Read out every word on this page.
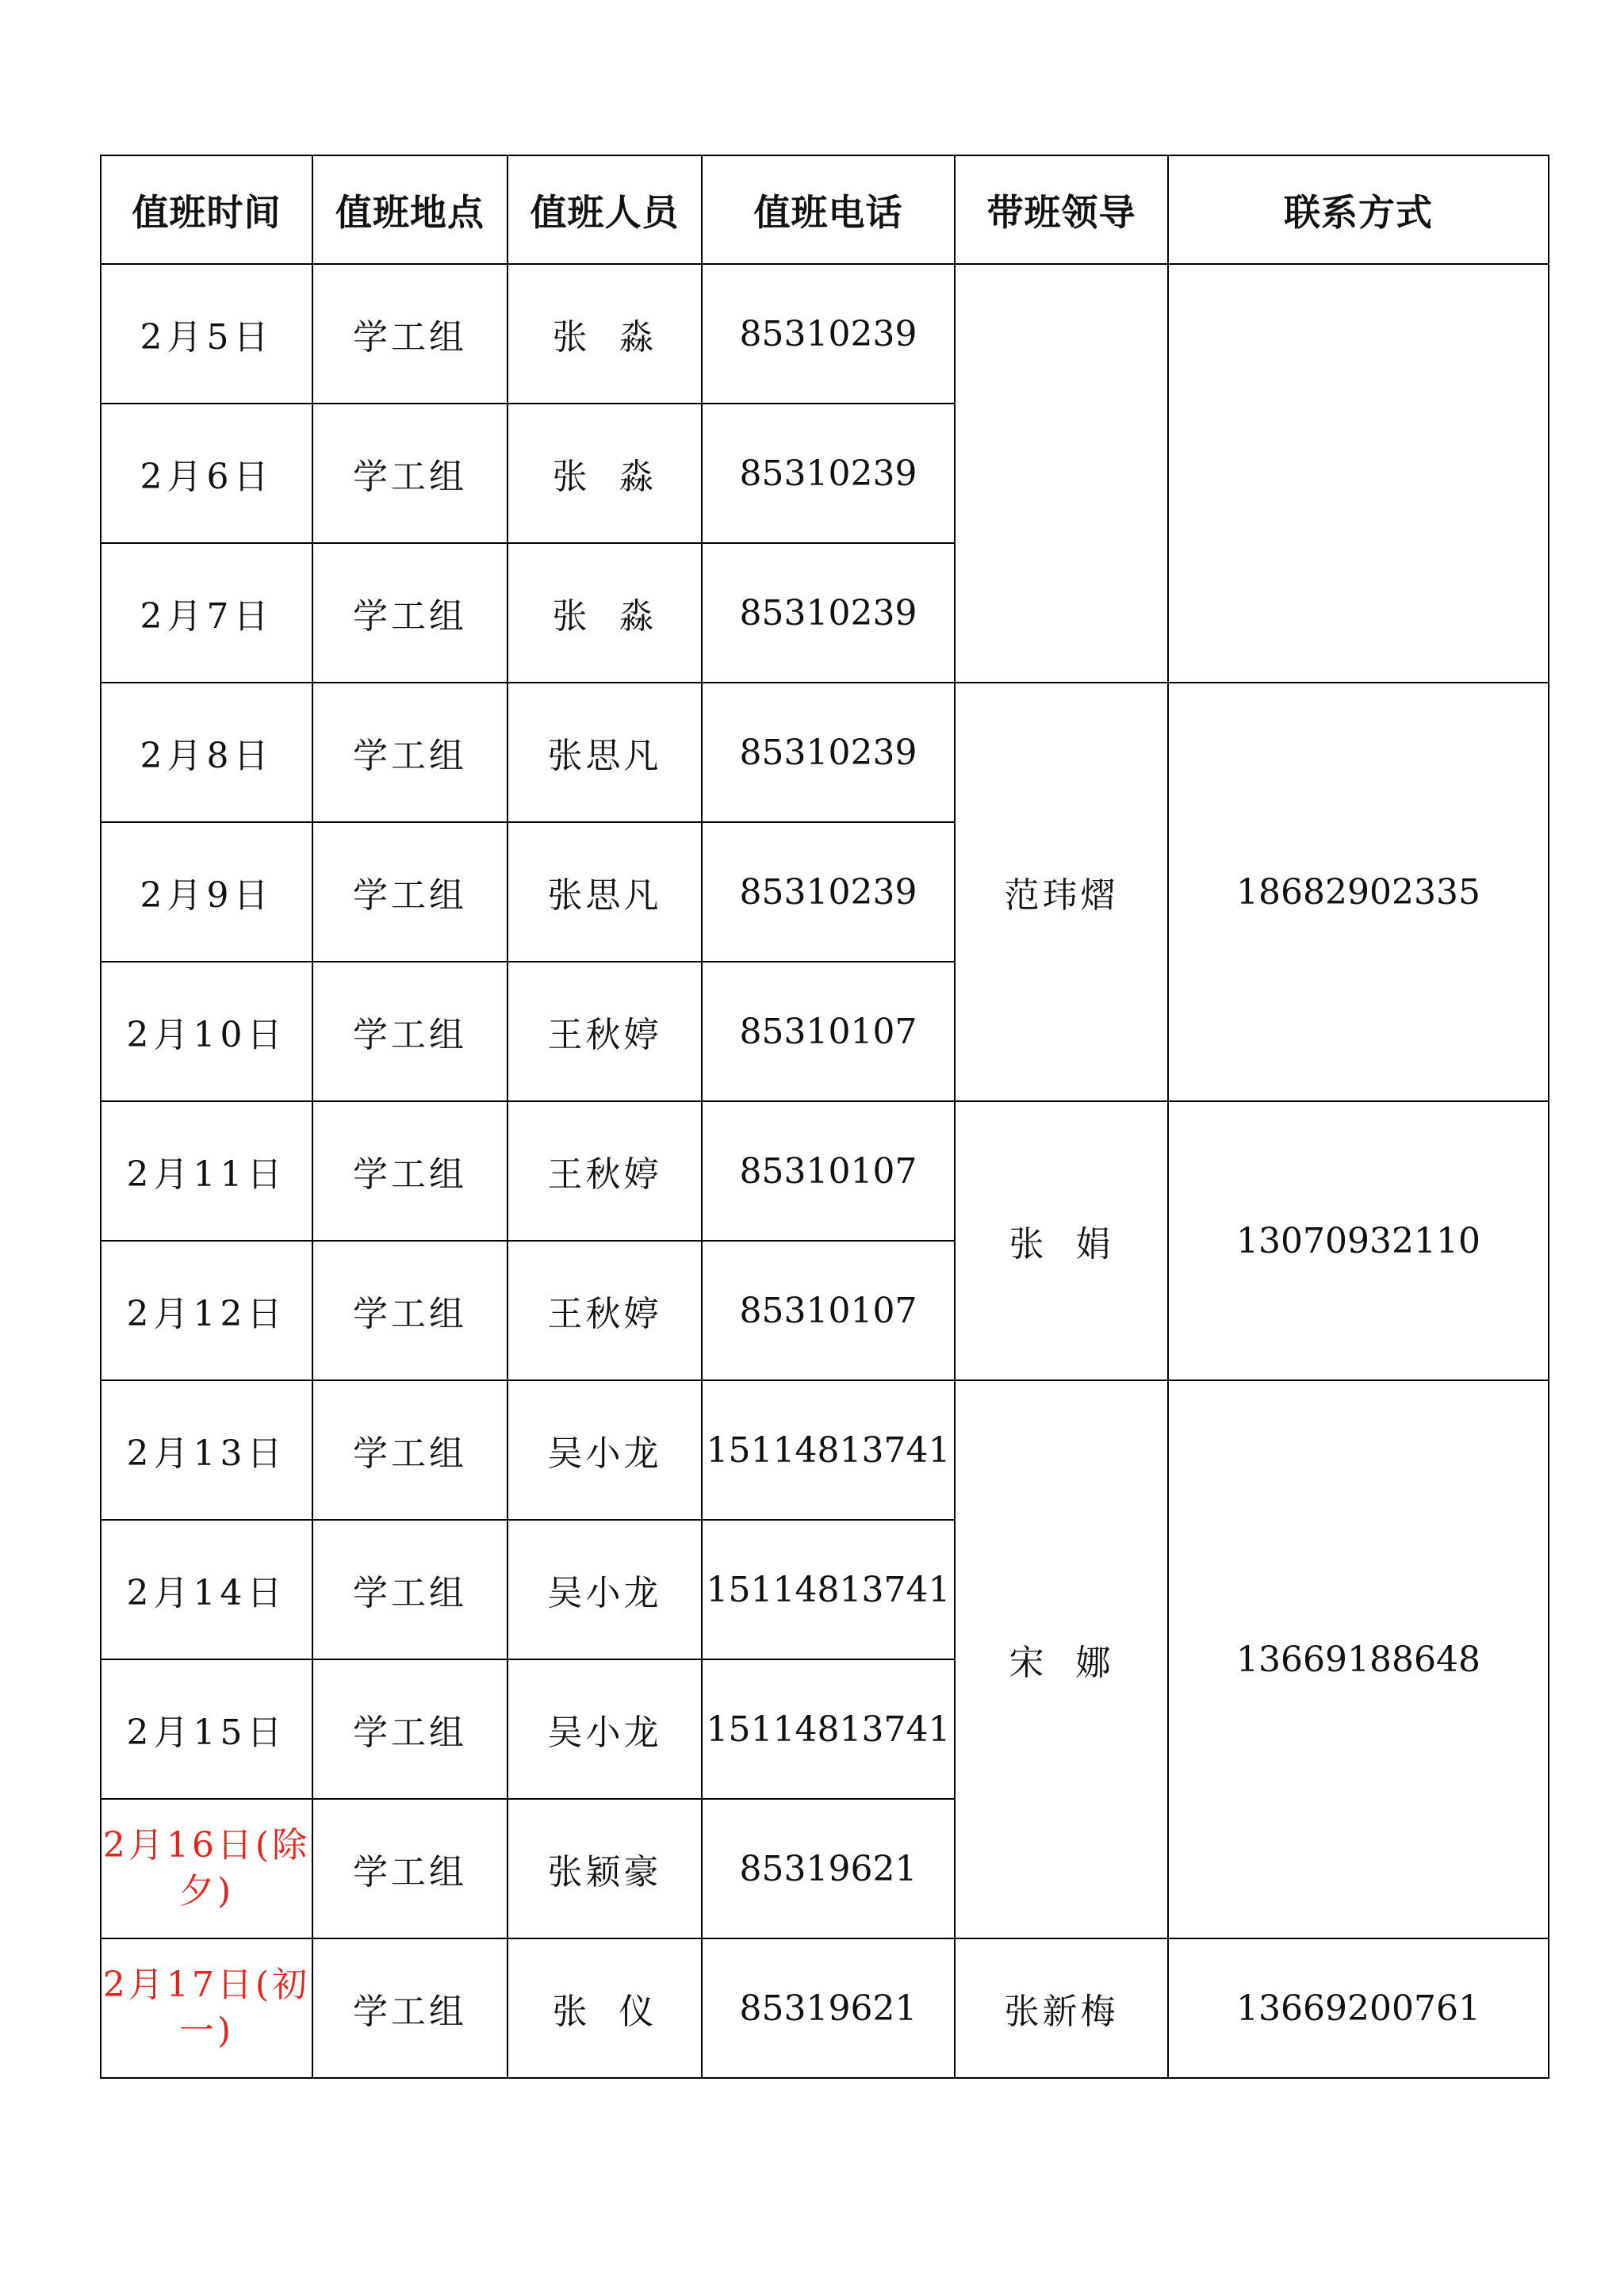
值班时间	值班地点	值班人员	值班电话	带班领导	联系方式
2月5日	学工组	张  淼	85310239		
2月6日	学工组	张  淼	85310239		
2月7日	学工组	张  淼	85310239		
2月8日	学工组	张思凡	85310239	范玮熠	18682902335
2月9日	学工组	张思凡	85310239		
2月10日	学工组	王秋婷	85310107		
2月11日	学工组	王秋婷	85310107	张  娟	13070932110
2月12日	学工组	王秋婷	85310107		
2月13日	学工组	吴小龙	15114813741	宋  娜	13669188648
2月14日	学工组	吴小龙	15114813741		
2月15日	学工组	吴小龙	15114813741		
2月16日(除夕)	学工组	张颖豪	85319621		
2月17日(初一)	学工组	张  仪	85319621	张新梅	13669200761
